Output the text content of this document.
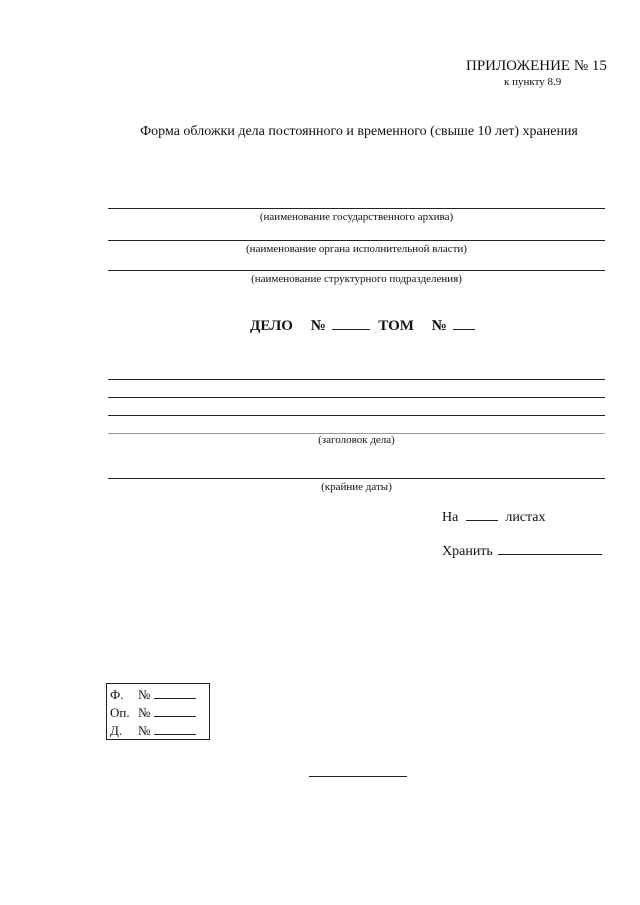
ПРИЛОЖЕНИЕ № 15
к пункту 8.9
Форма обложки дела постоянного и временного (свыше 10 лет) хранения
(наименование государственного архива)
(наименование органа исполнительной власти)
(наименование структурного подразделения)
ДЕЛО №	ТОМ №
(заголовок дела)
(крайние даты)
На	листах
Хранить
Ф. №
Оп. №
Д. №
